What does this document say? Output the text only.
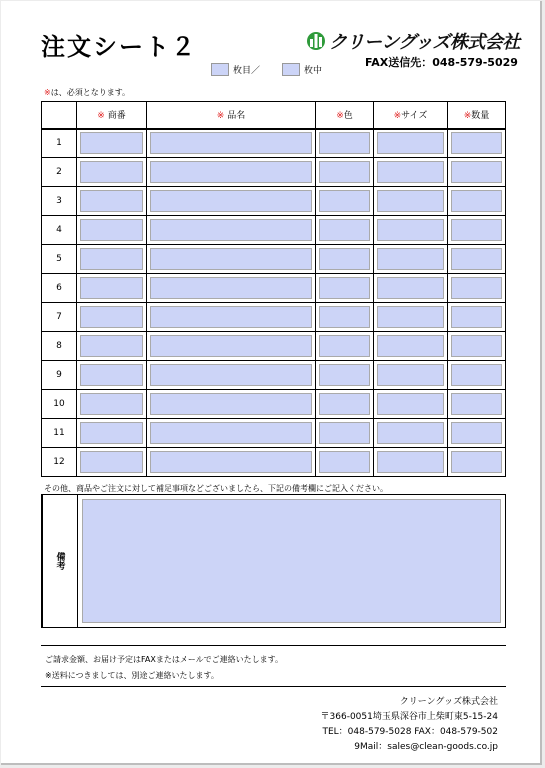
注文シート２	クリーングッズ株式会社
FAX送信先：048-579-5029
枚目／	枚中
※は、必須となります。
	※ 商番	※ 品名	※色	※サイズ	※数量
1	

2	

3	

4	

5	

6	

7	

8	

9	

10	

11	

12	

その他、商品やご注文に対して補足事項などございましたら、下記の備考欄にご記入ください。
備考
ご請求金額、お届け予定はFAXまたはメールでご連絡いたします。
※送料につきましては、別途ご連絡いたします。
クリーングッズ株式会社
〒366-0051埼玉県深谷市上柴町東5-15-24
TEL：048-579-5028 FAX：048-579-502
9Mail：sales@clean-goods.co.jp
